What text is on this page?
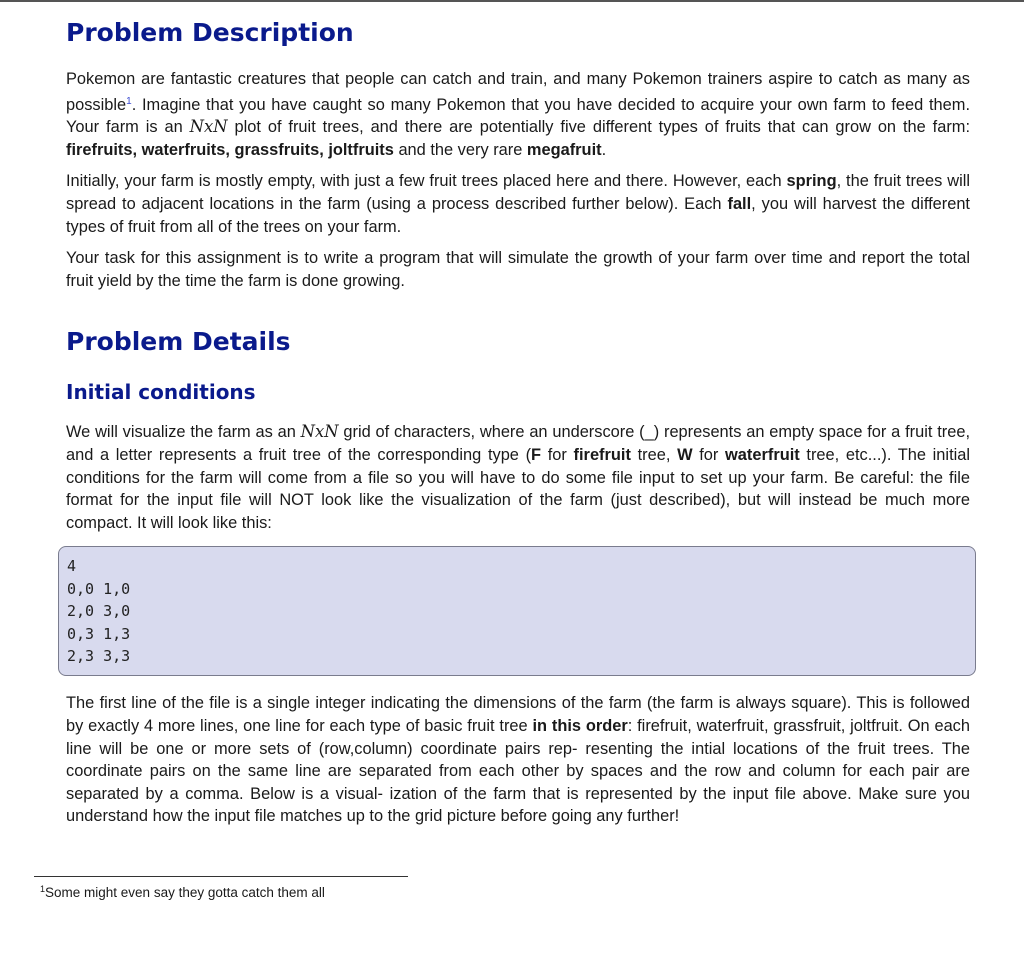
Problem Description

Pokemon are fantastic creatures that people can catch and train, and many Pokemon trainers aspire to catch as many as possible$^1$. Imagine that you have caught so many Pokemon that you have decided to acquire your own farm to feed them. Your farm is an NxN plot of fruit trees, and there are potentially five different types of fruits that can grow on the farm: firefruits, waterfruits, grassfruits, joltfruits and the very rare megafruit.

Initially, your farm is mostly empty, with just a few fruit trees placed here and there. However, each spring, the fruit trees will spread to adjacent locations in the farm (using a process described further below). Each fall, you will harvest the different types of fruit from all of the trees on your farm.

Your task for this assignment is to write a program that will simulate the growth of your farm over time and report the total fruit yield by the time the farm is done growing.

Problem Details
Initial conditions

We will visualize the farm as an NxN grid of characters, where an underscore (_) represents an empty space for a fruit tree, and a letter represents a fruit tree of the corresponding type (F for firefruit tree, W for waterfruit tree, etc...). The initial conditions for the farm will come from a file so you will have to do some file input to set up your farm. Be careful: the file format for the input file will NOT look like the visualization of the farm (just described), but will instead be much more compact. It will look like this:

4
0,0 1,0
2,0 3,0
0,3 1,3
2,3 3,3

The first line of the file is a single integer indicating the dimensions of the farm (the farm is always square). This is followed by exactly 4 more lines, one line for each type of basic fruit tree in this order: firefruit, waterfruit, grassfruit, joltfruit. On each line will be one or more sets of (row,column) coordinate pairs rep- resenting the intial locations of the fruit trees. The coordinate pairs on the same line are separated from each other by spaces and the row and column for each pair are separated by a comma. Below is a visual- ization of the farm that is represented by the input file above. Make sure you understand how the input file matches up to the grid picture before going any further!

$^1$Some might even say they gotta catch them all
